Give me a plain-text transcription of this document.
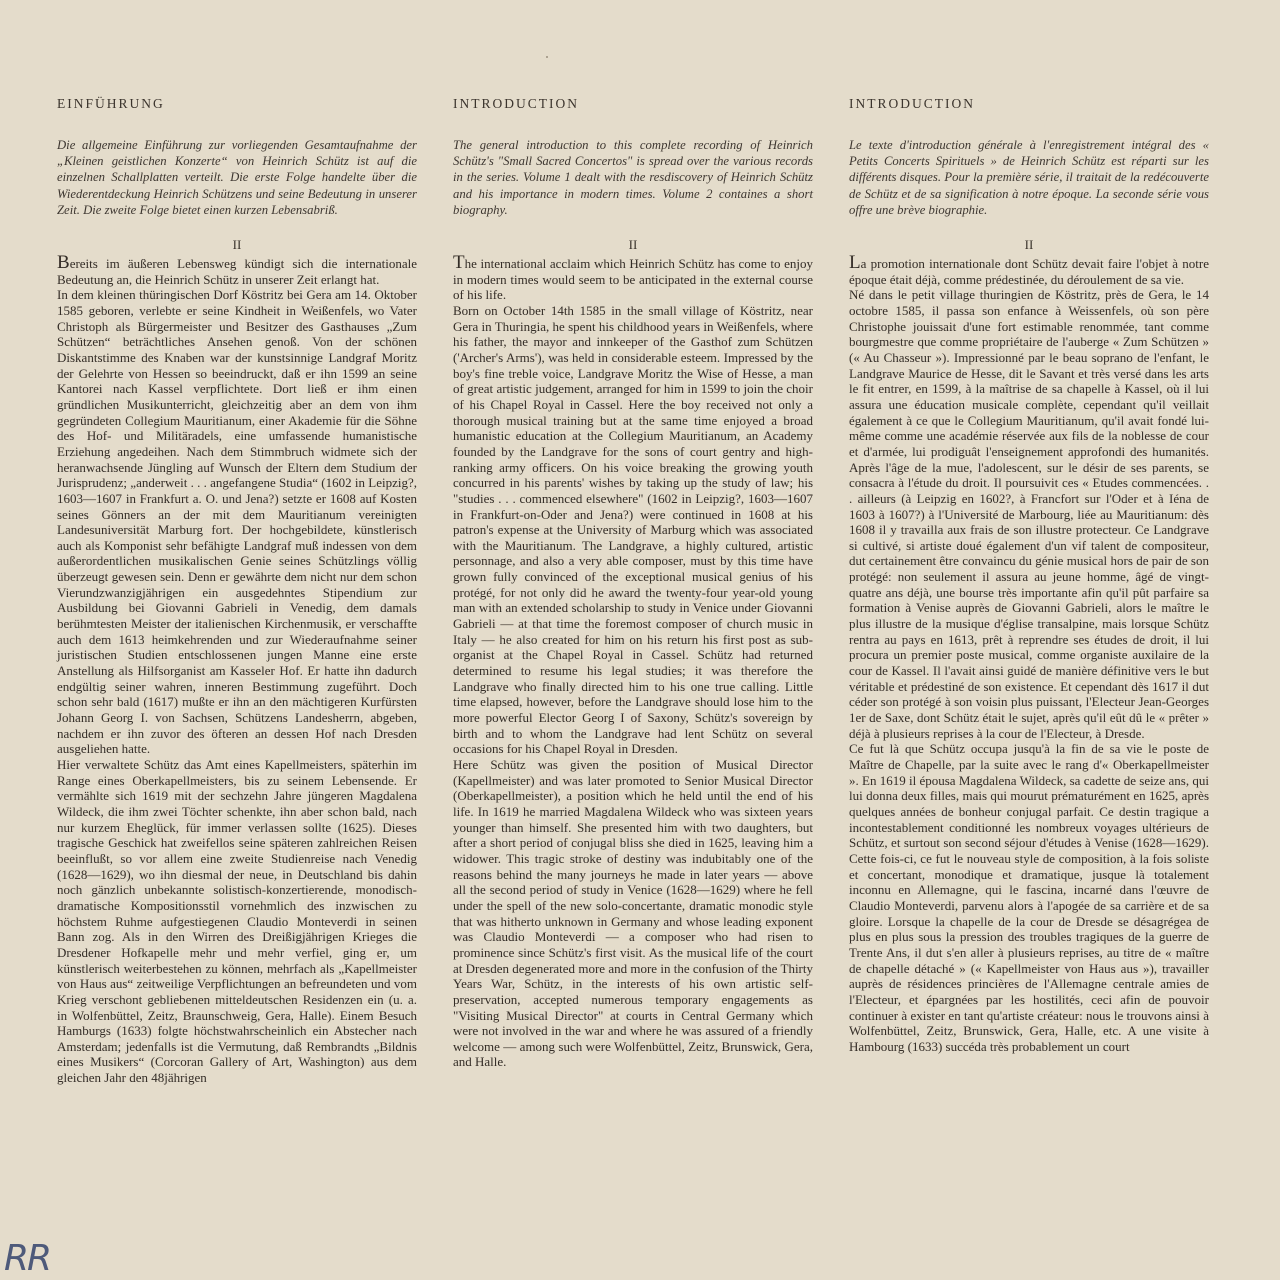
EINFÜHRUNG

Die allgemeine Einführung zur vorliegenden Gesamtaufnahme der „Kleinen geistlichen Konzerte“ von Heinrich Schütz ist auf die einzelnen Schallplatten verteilt. Die erste Folge handelte über die Wiederentdeckung Heinrich Schützens und seine Bedeutung in unserer Zeit. Die zweite Folge bietet einen kurzen Lebensabriß.

II

Bereits im äußeren Lebensweg kündigt sich die internationale Bedeutung an, die Heinrich Schütz in unserer Zeit erlangt hat.

In dem kleinen thüringischen Dorf Köstritz bei Gera am 14. Oktober 1585 geboren, verlebte er seine Kindheit in Weißenfels, wo Vater Christoph als Bürgermeister und Besitzer des Gasthauses „Zum Schützen“ beträchtliches Ansehen genoß. Von der schönen Diskantstimme des Knaben war der kunstsinnige Landgraf Moritz der Gelehrte von Hessen so beeindruckt, daß er ihn 1599 an seine Kantorei nach Kassel verpflichtete. Dort ließ er ihm einen gründlichen Musikunterricht, gleichzeitig aber an dem von ihm gegründeten Collegium Mauritianum, einer Akademie für die Söhne des Hof- und Militäradels, eine umfassende humanistische Erziehung angedeihen. Nach dem Stimmbruch widmete sich der heranwachsende Jüngling auf Wunsch der Eltern dem Studium der Jurisprudenz; „anderweit . . . angefangene Studia“ (1602 in Leipzig?, 1603—1607 in Frankfurt a. O. und Jena?) setzte er 1608 auf Kosten seines Gönners an der mit dem Mauritianum vereinigten Landesuniversität Marburg fort. Der hochgebildete, künstlerisch auch als Komponist sehr befähigte Landgraf muß indessen von dem außerordentlichen musikalischen Genie seines Schützlings völlig überzeugt gewesen sein. Denn er gewährte dem nicht nur dem schon Vierundzwanzigjährigen ein ausgedehntes Stipendium zur Ausbildung bei Giovanni Gabrieli in Venedig, dem damals berühmtesten Meister der italienischen Kirchenmusik, er verschaffte auch dem 1613 heimkehrenden und zur Wiederaufnahme seiner juristischen Studien entschlossenen jungen Manne eine erste Anstellung als Hilfsorganist am Kasseler Hof. Er hatte ihn dadurch endgültig seiner wahren, inneren Bestimmung zugeführt. Doch schon sehr bald (1617) mußte er ihn an den mächtigeren Kurfürsten Johann Georg I. von Sachsen, Schützens Landesherrn, abgeben, nachdem er ihn zuvor des öfteren an dessen Hof nach Dresden ausgeliehen hatte.

Hier verwaltete Schütz das Amt eines Kapellmeisters, späterhin im Range eines Oberkapellmeisters, bis zu seinem Lebensende. Er vermählte sich 1619 mit der sechzehn Jahre jüngeren Magdalena Wildeck, die ihm zwei Töchter schenkte, ihn aber schon bald, nach nur kurzem Eheglück, für immer verlassen sollte (1625). Dieses tragische Geschick hat zweifellos seine späteren zahlreichen Reisen beeinflußt, so vor allem eine zweite Studienreise nach Venedig (1628—1629), wo ihn diesmal der neue, in Deutschland bis dahin noch gänzlich unbekannte solistisch-konzertierende, monodisch-dramatische Kompositionsstil vornehmlich des inzwischen zu höchstem Ruhme aufgestiegenen Claudio Monteverdi in seinen Bann zog. Als in den Wirren des Dreißigjährigen Krieges die Dresdener Hofkapelle mehr und mehr verfiel, ging er, um künstlerisch weiterbestehen zu können, mehrfach als „Kapellmeister von Haus aus“ zeitweilige Verpflichtungen an befreundeten und vom Krieg verschont gebliebenen mitteldeutschen Residenzen ein (u. a. in Wolfenbüttel, Zeitz, Braunschweig, Gera, Halle). Einem Besuch Hamburgs (1633) folgte höchstwahrscheinlich ein Abstecher nach Amsterdam; jedenfalls ist die Vermutung, daß Rembrandts „Bildnis eines Musikers“ (Corcoran Gallery of Art, Washington) aus dem gleichen Jahr den 48jährigen

INTRODUCTION

The general introduction to this complete recording of Heinrich Schütz's "Small Sacred Concertos" is spread over the various records in the series. Volume 1 dealt with the resdiscovery of Heinrich Schütz and his importance in modern times. Volume 2 containes a short biography.

II

The international acclaim which Heinrich Schütz has come to enjoy in modern times would seem to be anticipated in the external course of his life.

Born on October 14th 1585 in the small village of Köstritz, near Gera in Thuringia, he spent his childhood years in Weißenfels, where his father, the mayor and innkeeper of the Gasthof zum Schützen ('Archer's Arms'), was held in considerable esteem. Impressed by the boy's fine treble voice, Landgrave Moritz the Wise of Hesse, a man of great artistic judgement, arranged for him in 1599 to join the choir of his Chapel Royal in Cassel. Here the boy received not only a thorough musical training but at the same time enjoyed a broad humanistic education at the Collegium Mauritianum, an Academy founded by the Landgrave for the sons of court gentry and high-ranking army officers. On his voice breaking the growing youth concurred in his parents' wishes by taking up the study of law; his "studies . . . commenced elsewhere" (1602 in Leipzig?, 1603—1607 in Frankfurt-on-Oder and Jena?) were continued in 1608 at his patron's expense at the University of Marburg which was associated with the Mauritianum. The Landgrave, a highly cultured, artistic personnage, and also a very able composer, must by this time have grown fully convinced of the exceptional musical genius of his protégé, for not only did he award the twenty-four year-old young man with an extended scholarship to study in Venice under Giovanni Gabrieli — at that time the foremost composer of church music in Italy — he also created for him on his return his first post as sub-organist at the Chapel Royal in Cassel. Schütz had returned determined to resume his legal studies; it was therefore the Landgrave who finally directed him to his one true calling. Little time elapsed, however, before the Landgrave should lose him to the more powerful Elector Georg I of Saxony, Schütz's sovereign by birth and to whom the Landgrave had lent Schütz on several occasions for his Chapel Royal in Dresden.

Here Schütz was given the position of Musical Director (Kapellmeister) and was later promoted to Senior Musical Director (Oberkapellmeister), a position which he held until the end of his life. In 1619 he married Magdalena Wildeck who was sixteen years younger than himself. She presented him with two daughters, but after a short period of conjugal bliss she died in 1625, leaving him a widower. This tragic stroke of destiny was indubitably one of the reasons behind the many journeys he made in later years — above all the second period of study in Venice (1628—1629) where he fell under the spell of the new solo-concertante, dramatic monodic style that was hitherto unknown in Germany and whose leading exponent was Claudio Monteverdi — a composer who had risen to prominence since Schütz's first visit. As the musical life of the court at Dresden degenerated more and more in the confusion of the Thirty Years War, Schütz, in the interests of his own artistic self-preservation, accepted numerous temporary engagements as "Visiting Musical Director" at courts in Central Germany which were not involved in the war and where he was assured of a friendly welcome — among such were Wolfenbüttel, Zeitz, Brunswick, Gera, and Halle.

INTRODUCTION

Le texte d'introduction générale à l'enregistrement intégral des « Petits Concerts Spirituels » de Heinrich Schütz est réparti sur les différents disques. Pour la première série, il traitait de la redécouverte de Schütz et de sa signification à notre époque. La seconde série vous offre une brève biographie.

II

La promotion internationale dont Schütz devait faire l'objet à notre époque était déjà, comme prédestinée, du déroulement de sa vie.

Né dans le petit village thuringien de Köstritz, près de Gera, le 14 octobre 1585, il passa son enfance à Weissenfels, où son père Christophe jouissait d'une fort estimable renommée, tant comme bourgmestre que comme propriétaire de l'auberge « Zum Schützen » (« Au Chasseur »). Impressionné par le beau soprano de l'enfant, le Landgrave Maurice de Hesse, dit le Savant et très versé dans les arts le fit entrer, en 1599, à la maîtrise de sa chapelle à Kassel, où il lui assura une éducation musicale complète, cependant qu'il veillait également à ce que le Collegium Mauritianum, qu'il avait fondé lui-même comme une académie réservée aux fils de la noblesse de cour et d'armée, lui prodiguât l'enseignement approfondi des humanités. Après l'âge de la mue, l'adolescent, sur le désir de ses parents, se consacra à l'étude du droit. Il poursuivit ces « Etudes commencées. . . ailleurs (à Leipzig en 1602?, à Francfort sur l'Oder et à Iéna de 1603 à 1607?) à l'Université de Marbourg, liée au Mauritianum: dès 1608 il y travailla aux frais de son illustre protecteur. Ce Landgrave si cultivé, si artiste doué également d'un vif talent de compositeur, dut certainement être convaincu du génie musical hors de pair de son protégé: non seulement il assura au jeune homme, âgé de vingt-quatre ans déjà, une bourse très importante afin qu'il pût parfaire sa formation à Venise auprès de Giovanni Gabrieli, alors le maître le plus illustre de la musique d'église transalpine, mais lorsque Schütz rentra au pays en 1613, prêt à reprendre ses études de droit, il lui procura un premier poste musical, comme organiste auxilaire de la cour de Kassel. Il l'avait ainsi guidé de manière définitive vers le but véritable et prédestiné de son existence. Et cependant dès 1617 il dut céder son protégé à son voisin plus puissant, l'Electeur Jean-Georges 1er de Saxe, dont Schütz était le sujet, après qu'il eût dû le « prêter » déjà à plusieurs reprises à la cour de l'Electeur, à Dresde.

Ce fut là que Schütz occupa jusqu'à la fin de sa vie le poste de Maître de Chapelle, par la suite avec le rang d'« Oberkapellmeister ». En 1619 il épousa Magdalena Wildeck, sa cadette de seize ans, qui lui donna deux filles, mais qui mourut prématurément en 1625, après quelques années de bonheur conjugal parfait. Ce destin tragique a incontestablement conditionné les nombreux voyages ultérieurs de Schütz, et surtout son second séjour d'études à Venise (1628—1629). Cette fois-ci, ce fut le nouveau style de composition, à la fois soliste et concertant, monodique et dramatique, jusque là totalement inconnu en Allemagne, qui le fascina, incarné dans l'œuvre de Claudio Monteverdi, parvenu alors à l'apogée de sa carrière et de sa gloire. Lorsque la chapelle de la cour de Dresde se désagrégea de plus en plus sous la pression des troubles tragiques de la guerre de Trente Ans, il dut s'en aller à plusieurs reprises, au titre de « maître de chapelle détaché » (« Kapellmeister von Haus aus »), travailler auprès de résidences princières de l'Allemagne centrale amies de l'Electeur, et épargnées par les hostilités, ceci afin de pouvoir continuer à exister en tant qu'artiste créateur: nous le trouvons ainsi à Wolfenbüttel, Zeitz, Brunswick, Gera, Halle, etc. A une visite à Hambourg (1633) succéda très probablement un court

RR
